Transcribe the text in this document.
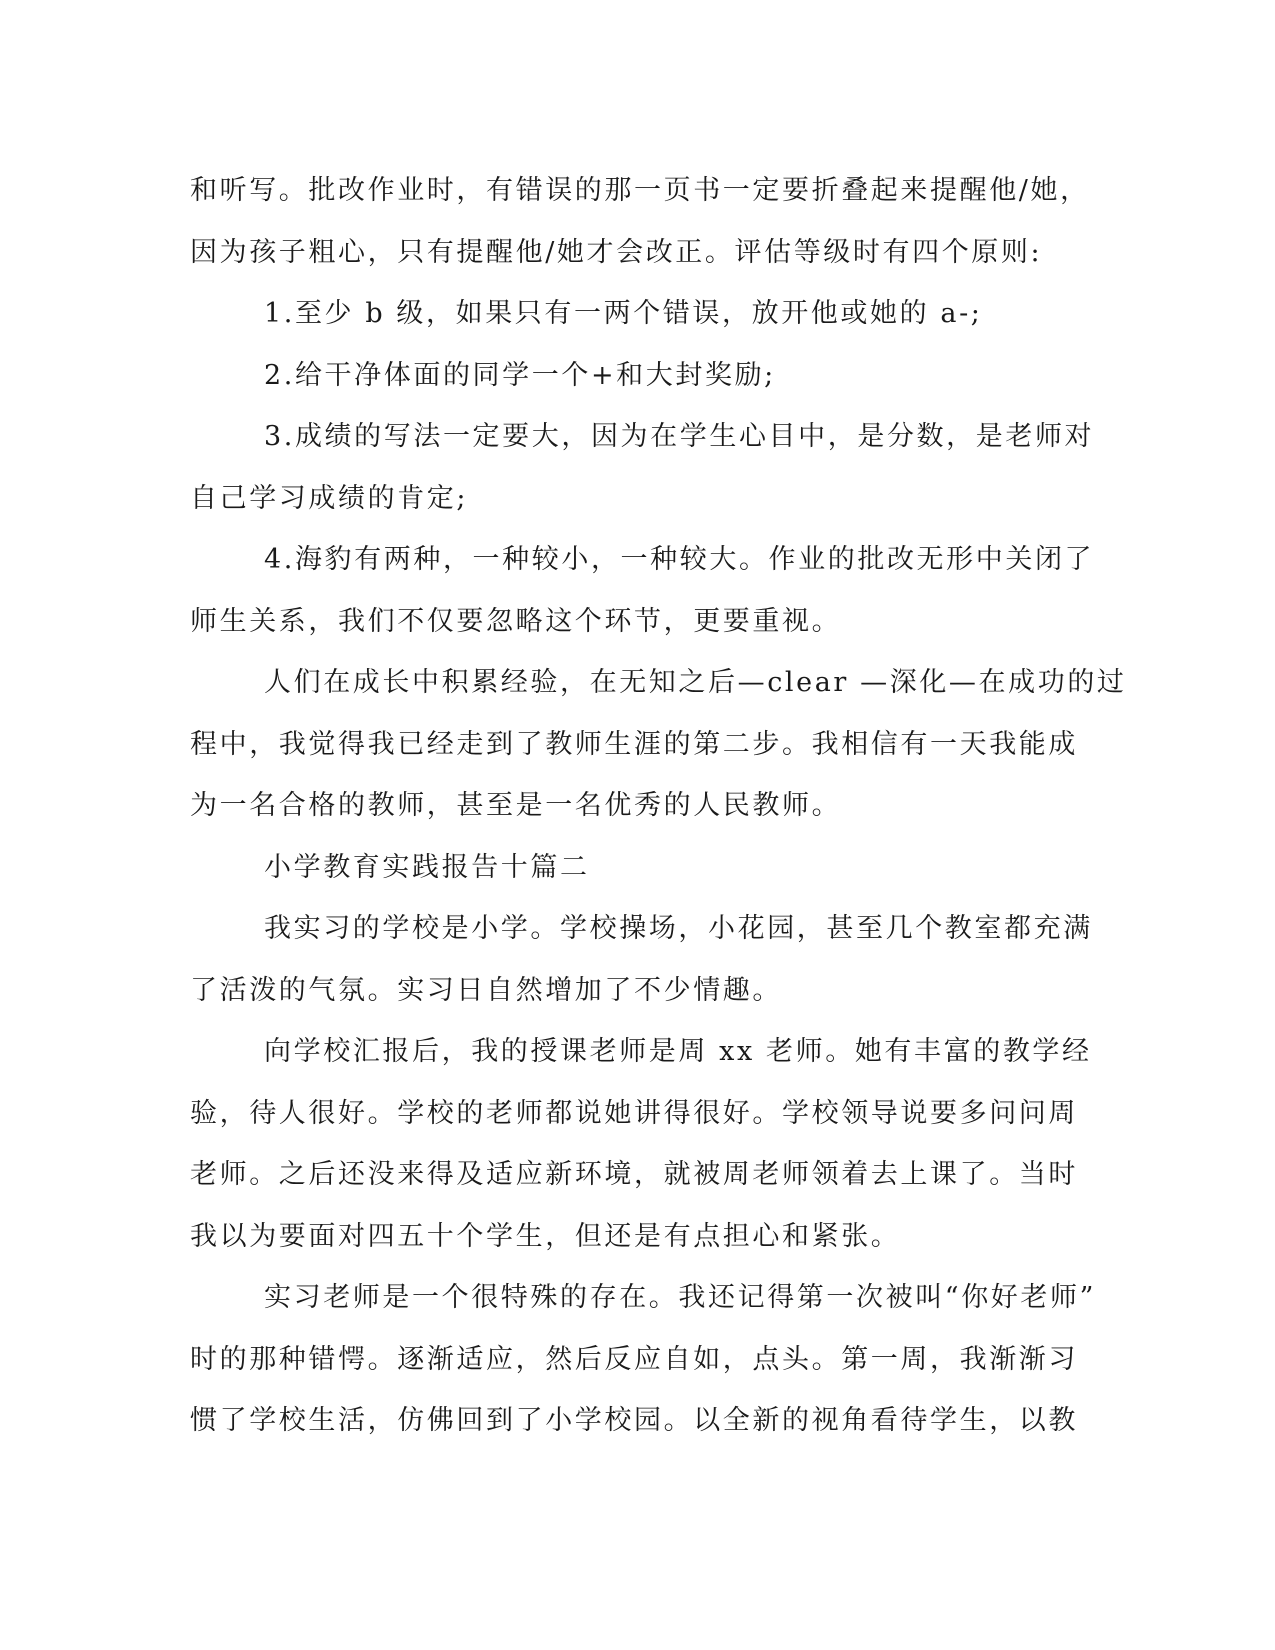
和听写。批改作业时，有错误的那一页书一定要折叠起来提醒他/她，
因为孩子粗心，只有提醒他/她才会改正。评估等级时有四个原则:
1.至少 b 级，如果只有一两个错误，放开他或她的 a-;
2.给干净体面的同学一个+和大封奖励;
3.成绩的写法一定要大，因为在学生心目中，是分数，是老师对
自己学习成绩的肯定;
4.海豹有两种，一种较小，一种较大。作业的批改无形中关闭了
师生关系，我们不仅要忽略这个环节，更要重视。
人们在成长中积累经验，在无知之后—clear —深化—在成功的过
程中，我觉得我已经走到了教师生涯的第二步。我相信有一天我能成
为一名合格的教师，甚至是一名优秀的人民教师。
小学教育实践报告十篇二
我实习的学校是小学。学校操场，小花园，甚至几个教室都充满
了活泼的气氛。实习日自然增加了不少情趣。
向学校汇报后，我的授课老师是周 xx 老师。她有丰富的教学经
验，待人很好。学校的老师都说她讲得很好。学校领导说要多问问周
老师。之后还没来得及适应新环境，就被周老师领着去上课了。当时
我以为要面对四五十个学生，但还是有点担心和紧张。
实习老师是一个很特殊的存在。我还记得第一次被叫“你好老师”
时的那种错愕。逐渐适应，然后反应自如，点头。第一周，我渐渐习
惯了学校生活，仿佛回到了小学校园。以全新的视角看待学生，以教
